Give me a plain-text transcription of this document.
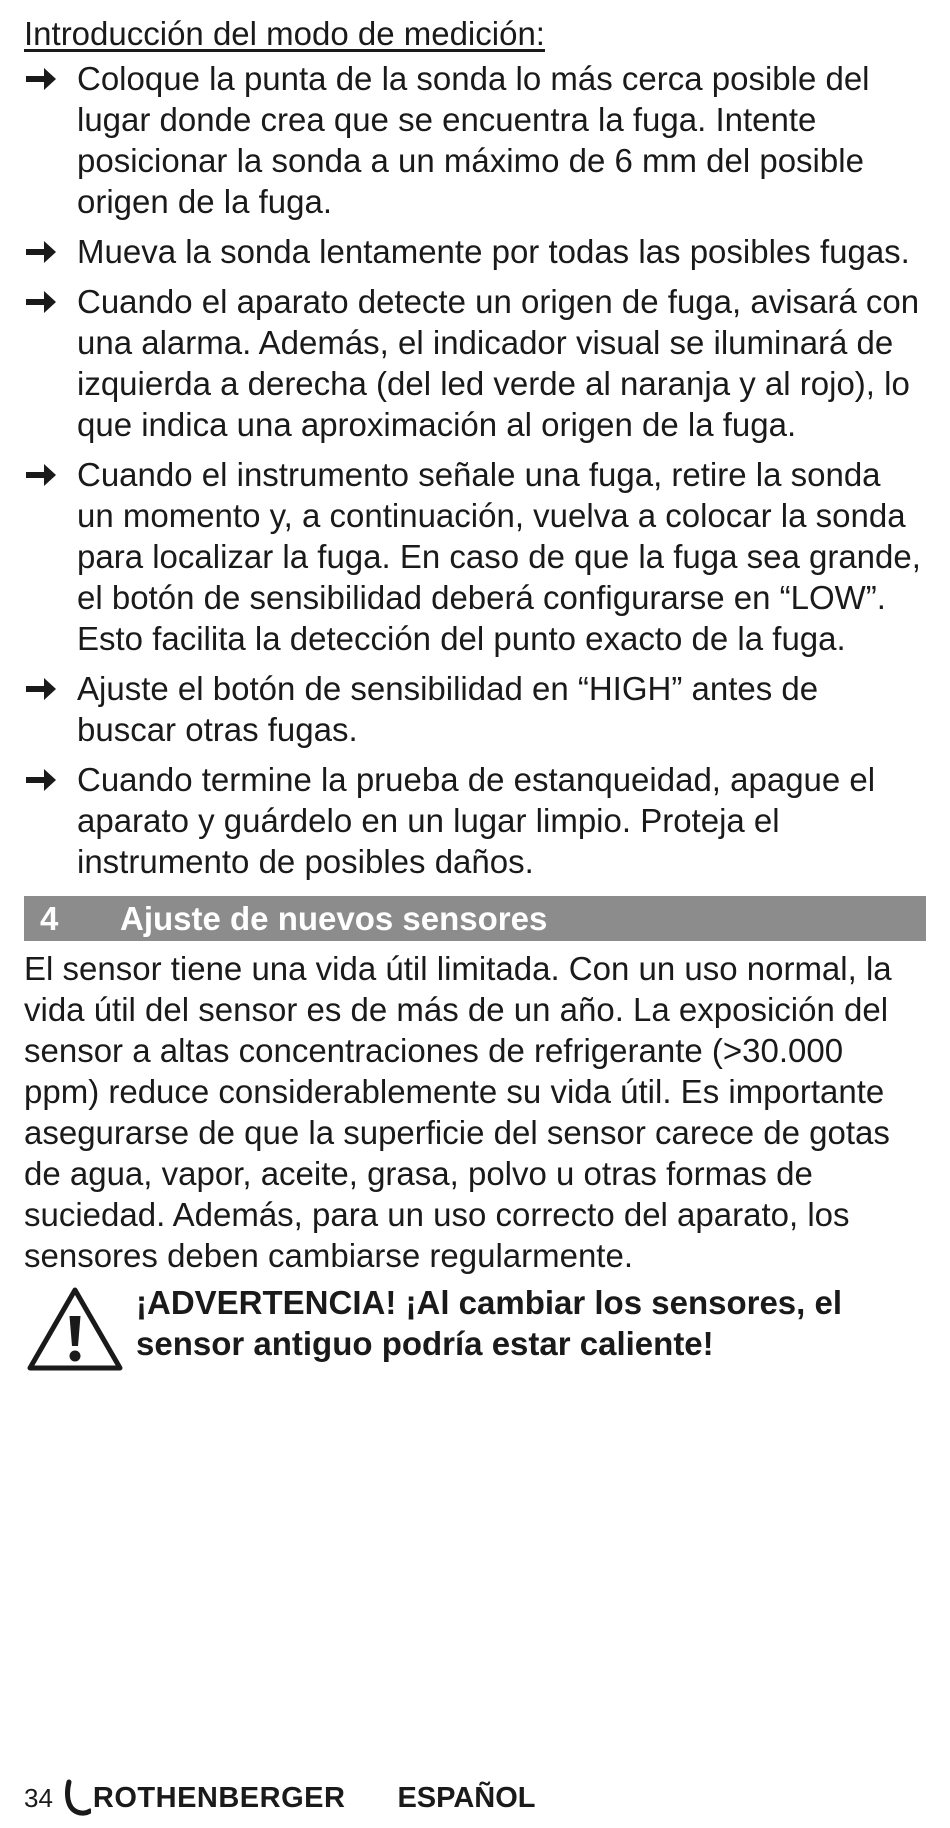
Introducción del modo de medición:
Coloque la punta de la sonda lo más cerca posible del lugar donde crea que se encuentra la fuga. Intente posicionar la sonda a un máximo de 6 mm del posible origen de la fuga.
Mueva la sonda lentamente por todas las posibles fugas.
Cuando el aparato detecte un origen de fuga, avisará con una alarma. Además, el indicador visual se iluminará de izquierda a derecha (del led verde al naranja y al rojo), lo que indica una aproximación al origen de la fuga.
Cuando el instrumento señale una fuga, retire la sonda un momento y, a continuación, vuelva a colocar la sonda para localizar la fuga. En caso de que la fuga sea grande, el botón de sensibilidad deberá configurarse en “LOW”. Esto facilita la detección del punto exacto de la fuga.
Ajuste el botón de sensibilidad en “HIGH” antes de buscar otras fugas.
Cuando termine la prueba de estanqueidad, apague el aparato y guárdelo en un lugar limpio. Proteja el instrumento de posibles daños.
4	Ajuste de nuevos sensores
El sensor tiene una vida útil limitada. Con un uso normal, la vida útil del sensor es de más de un año. La exposición del sensor a altas concentraciones de refrigerante (>30.000 ppm) reduce considerablemente su vida útil. Es importante asegurarse de que la superficie del sensor carece de gotas de agua, vapor, aceite, grasa, polvo u otras formas de suciedad. Además, para un uso correcto del aparato, los sensores deben cambiarse regularmente.
¡ADVERTENCIA! ¡Al cambiar los sensores, el sensor antiguo podría estar caliente!
34 ROTHENBERGER ESPAÑOL
